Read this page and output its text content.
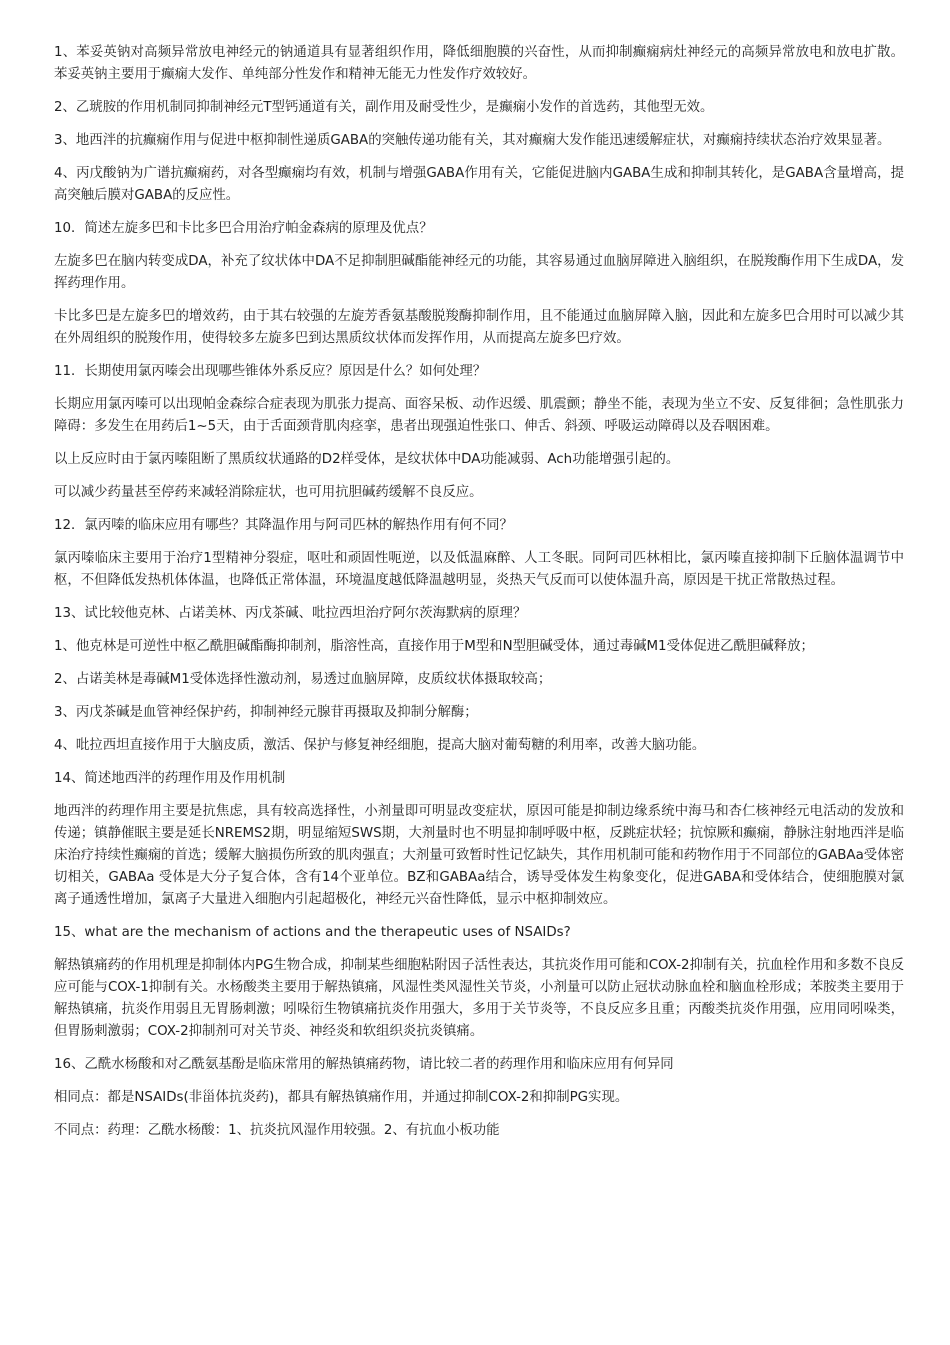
1、苯妥英钠对高频异常放电神经元的钠通道具有显著组织作用，降低细胞膜的兴奋性，从而抑制癫痫病灶神经元的高频异常放电和放电扩散。苯妥英钠主要用于癫痫大发作、单纯部分性发作和精神无能无力性发作疗效较好。

2、乙琥胺的作用机制同抑制神经元T型钙通道有关，副作用及耐受性少，是癫痫小发作的首选药，其他型无效。

3、地西泮的抗癫痫作用与促进中枢抑制性递质GABA的突触传递功能有关，其对癫痫大发作能迅速缓解症状，对癫痫持续状态治疗效果显著。

4、丙戊酸钠为广谱抗癫痫药，对各型癫痫均有效，机制与增强GABA作用有关，它能促进脑内GABA生成和抑制其转化，是GABA含量增高，提高突触后膜对GABA的反应性。

10．简述左旋多巴和卡比多巴合用治疗帕金森病的原理及优点？

左旋多巴在脑内转变成DA，补充了纹状体中DA不足抑制胆碱酯能神经元的功能，其容易通过血脑屏障进入脑组织，在脱羧酶作用下生成DA，发挥药理作用。

卡比多巴是左旋多巴的增效药，由于其右较强的左旋芳香氨基酸脱羧酶抑制作用，且不能通过血脑屏障入脑，因此和左旋多巴合用时可以减少其在外周组织的脱羧作用，使得较多左旋多巴到达黑质纹状体而发挥作用，从而提高左旋多巴疗效。

11．长期使用氯丙嗪会出现哪些锥体外系反应？原因是什么？如何处理？

长期应用氯丙嗪可以出现帕金森综合症表现为肌张力提高、面容呆板、动作迟缓、肌震颤；静坐不能，表现为坐立不安、反复徘徊；急性肌张力障碍：多发生在用药后1~5天，由于舌面颈背肌肉痉挛，患者出现强迫性张口、伸舌、斜颈、呼吸运动障碍以及吞咽困难。

以上反应时由于氯丙嗪阻断了黑质纹状通路的D2样受体，是纹状体中DA功能减弱、Ach功能增强引起的。

可以减少药量甚至停药来减轻消除症状，也可用抗胆碱药缓解不良反应。

12．氯丙嗪的临床应用有哪些？其降温作用与阿司匹林的解热作用有何不同？

氯丙嗪临床主要用于治疗1型精神分裂症，呕吐和顽固性呃逆，以及低温麻醉、人工冬眠。同阿司匹林相比，氯丙嗪直接抑制下丘脑体温调节中枢，不但降低发热机体体温，也降低正常体温，环境温度越低降温越明显，炎热天气反而可以使体温升高，原因是干扰正常散热过程。

13、试比较他克林、占诺美林、丙戊茶碱、吡拉西坦治疗阿尔茨海默病的原理？

1、他克林是可逆性中枢乙酰胆碱酯酶抑制剂，脂溶性高，直接作用于M型和N型胆碱受体，通过毒碱M1受体促进乙酰胆碱释放；

2、占诺美林是毒碱M1受体选择性激动剂，易透过血脑屏障，皮质纹状体摄取较高；

3、丙戊茶碱是血管神经保护药，抑制神经元腺苷再摄取及抑制分解酶；

4、吡拉西坦直接作用于大脑皮质，激活、保护与修复神经细胞，提高大脑对葡萄糖的利用率，改善大脑功能。

14、简述地西泮的药理作用及作用机制

地西泮的药理作用主要是抗焦虑，具有较高选择性，小剂量即可明显改变症状，原因可能是抑制边缘系统中海马和杏仁核神经元电活动的发放和传递；镇静催眠主要是延长NREMS2期，明显缩短SWS期，大剂量时也不明显抑制呼吸中枢，反跳症状轻；抗惊厥和癫痫，静脉注射地西泮是临床治疗持续性癫痫的首选；缓解大脑损伤所致的肌肉强直；大剂量可致暂时性记忆缺失，其作用机制可能和药物作用于不同部位的GABAa受体密切相关，GABAa 受体是大分子复合体，含有14个亚单位。BZ和GABAa结合，诱导受体发生构象变化，促进GABA和受体结合，使细胞膜对氯离子通透性增加，氯离子大量进入细胞内引起超极化，神经元兴奋性降低，显示中枢抑制效应。

15、what are the mechanism of actions and the therapeutic uses of NSAIDs?

解热镇痛药的作用机理是抑制体内PG生物合成，抑制某些细胞粘附因子活性表达，其抗炎作用可能和COX-2抑制有关，抗血栓作用和多数不良反应可能与COX-1抑制有关。水杨酸类主要用于解热镇痛，风湿性类风湿性关节炎，小剂量可以防止冠状动脉血栓和脑血栓形成；苯胺类主要用于解热镇痛，抗炎作用弱且无胃肠刺激；吲哚衍生物镇痛抗炎作用强大，多用于关节炎等，不良反应多且重；丙酸类抗炎作用强，应用同吲哚类，但胃肠刺激弱；COX-2抑制剂可对关节炎、神经炎和软组织炎抗炎镇痛。

16、乙酰水杨酸和对乙酰氨基酚是临床常用的解热镇痛药物，请比较二者的药理作用和临床应用有何异同

相同点：都是NSAIDs(非甾体抗炎药)，都具有解热镇痛作用，并通过抑制COX-2和抑制PG实现。

不同点：药理：乙酰水杨酸：1、抗炎抗风湿作用较强。2、有抗血小板功能
